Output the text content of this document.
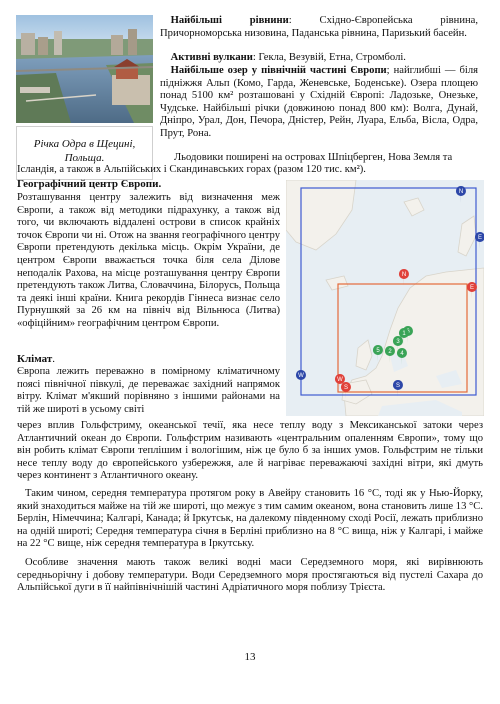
Річка Одра в Щецині, Польща.

 Найбільші рівнини: Східно-Європейська рівнина, Причорноморська низовина, Паданська рівнина, Паризький басейн.

 Активні вулкани: Гекла, Везувій, Етна, Стромболі.

 Найбільше озер у північній частині Європи; найглибші — біля підніжжя Альп (Комо, Гарда, Женевське, Боденське). Озера площею понад 5100 км² розташовані у Східній Європі: Ладозьке, Онезьке, Чудське. Найбільші річки (довжиною понад 800 км): Волга, Дунай, Дніпро, Урал, Дон, Печора, Дністер, Рейн, Луара, Ельба, Вісла, Одра, Прут, Рона.

Льодовики поширені на островах Шпіцберген, Нова Земля та

Ісландія, а також в Альпійських і Скандинавських горах (разом 120 тис. км²).

Географічний центр Європи.

Розташування центру залежить від визначення меж Європи, а також від методики підрахунку, а також від того, чи включають віддалені острови в список крайніх точок Європи чи ні. Отож на звання географічного центру Європи претендують декілька місць. Окрім України, де центром Європи вважається точка біля села Ділове неподалік Рахова, на місце розташування центру Європи претендують також Литва, Словаччина, Білорусь, Польща та деякі інші країни. Книга рекордів Гіннеса визнає село Пурнушкяй за 26 км на північ від Вільнюса (Литва) «офіційним» географічним центром Європи.

Клімат.

Європа лежить переважно в помірному кліматичному поясі північної півкулі, де переважає західний напрямок вітру. Клімат м'якший порівняно з іншими районами на тій же широті в усьому світі

через вплив Гольфстриму, океанської течії, яка несе теплу воду з Мексиканської затоки через Атлантичний океан до Європи. Гольфстрим називають «центральним опаленням Європи», тому що він робить клімат Європи теплішим і вологішим, ніж це було б за інших умов. Гольфстрим не тільки несе теплу воду до європейського узбережжя, але й нагріває переважаючі західні вітри, які дмуть через континент з Атлантичного океану.

Таким чином, середня температура протягом року в Авейру становить 16 °C, тоді як у Нью-Йорку, який знаходиться майже на тій же широті, що межує з тим самим океаном, вона становить лише 13 °C. Берлін, Німеччина; Калгарі, Канада; й Іркутськ, на далекому південному сході Росії, лежать приблизно на одній широті; Середня температура січня в Берліні приблизно на 8 °C вища, ніж у Калгарі, і майже на 22 °C вище, ніж середня температура в Іркутську.

Особливе значення мають також великі водні маси Середземного моря, які вирівнюють середньорічну і добову температури. Води Середземного моря простягаються від пустелі Сахара до Альпійської дуги в її найпівнічнішій частині Адріатичного моря поблизу Трієста.

N
E
N
E
W
S	S
W
5 2 4
3
1
13
